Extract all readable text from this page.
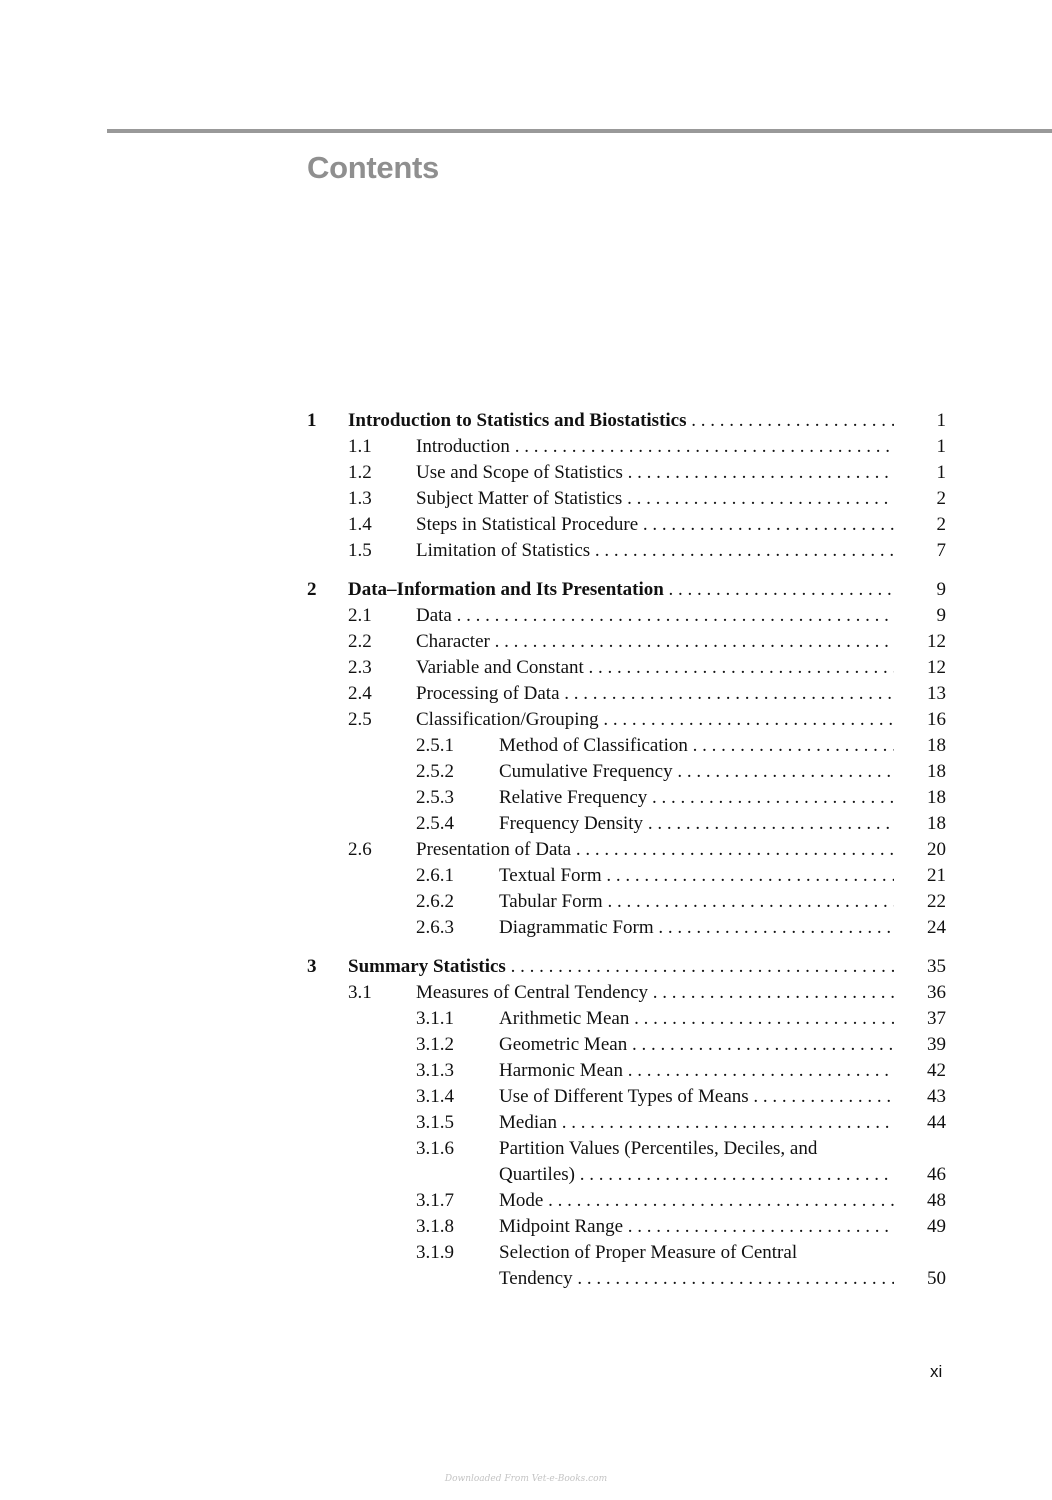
Contents
1 Introduction to Statistics and Biostatistics . . .	1
1.1 Introduction . . .	1
1.2 Use and Scope of Statistics . . .	1
1.3 Subject Matter of Statistics . . .	2
1.4 Steps in Statistical Procedure . . .	2
1.5 Limitation of Statistics . . .	7
2 Data–Information and Its Presentation . . .	9
2.1 Data . . .	9
2.2 Character . . .	12
2.3 Variable and Constant . . .	12
2.4 Processing of Data . . .	13
2.5 Classification/Grouping . . .	16
2.5.1 Method of Classification . . .	18
2.5.2 Cumulative Frequency . . .	18
2.5.3 Relative Frequency . . .	18
2.5.4 Frequency Density . . .	18
2.6 Presentation of Data . . .	20
2.6.1 Textual Form . . .	21
2.6.2 Tabular Form . . .	22
2.6.3 Diagrammatic Form . . .	24
3 Summary Statistics . . .	35
3.1 Measures of Central Tendency . . .	36
3.1.1 Arithmetic Mean . . .	37
3.1.2 Geometric Mean . . .	39
3.1.3 Harmonic Mean . . .	42
3.1.4 Use of Different Types of Means . . .	43
3.1.5 Median . . .	44
3.1.6 Partition Values (Percentiles, Deciles, and
Quartiles) . . .	46
3.1.7 Mode . . .	48
3.1.8 Midpoint Range . . .	49
3.1.9 Selection of Proper Measure of Central
Tendency . . .	50
xi
Downloaded From Vet-e-Books.com
